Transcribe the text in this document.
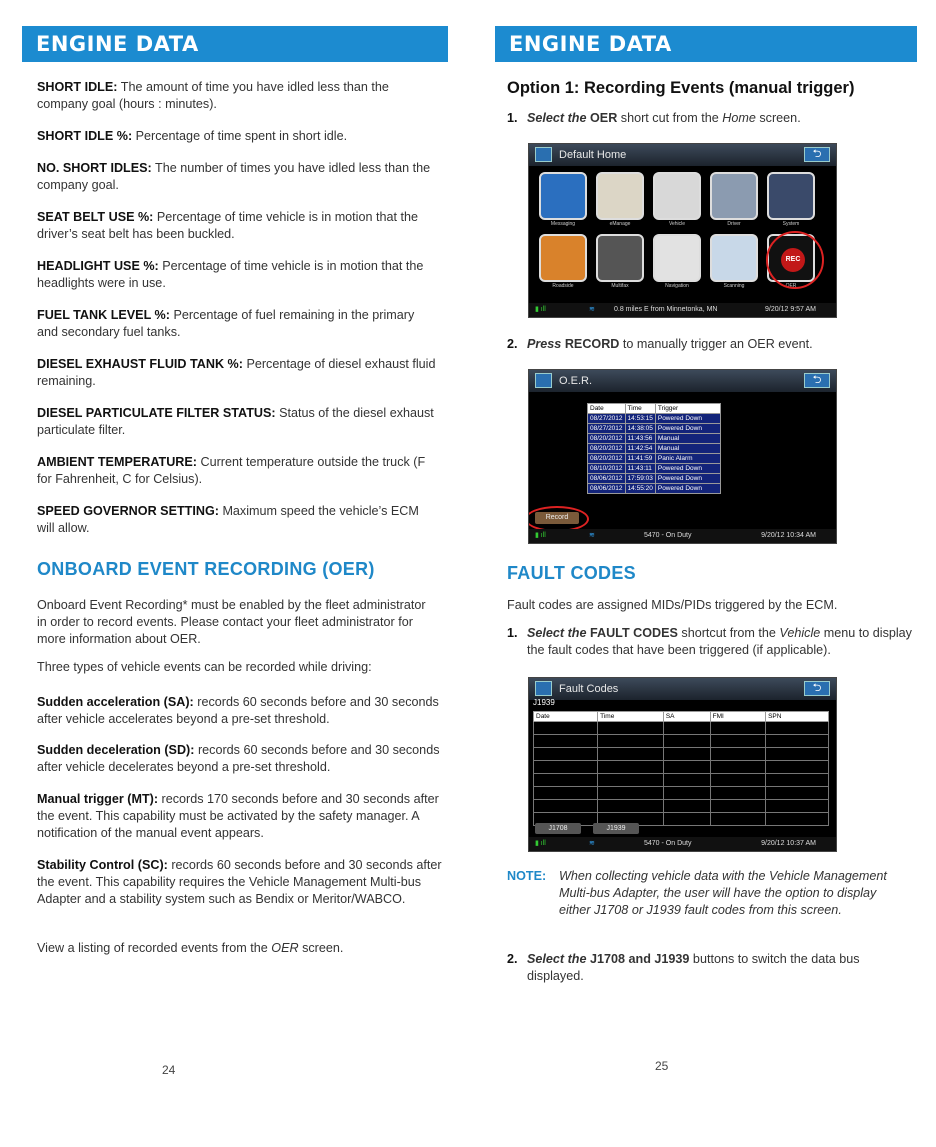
ENGINE DATA

SHORT IDLE: The amount of time you have idled less than the company goal (hours : minutes).

SHORT IDLE %: Percentage of time spent in short idle.

NO. SHORT IDLES: The number of times you have idled less than the company goal.

SEAT BELT USE %: Percentage of time vehicle is in motion that the driver’s seat belt has been buckled.

HEADLIGHT USE %: Percentage of time vehicle is in motion that the headlights were in use.

FUEL TANK LEVEL %: Percentage of fuel remaining in the primary and secondary fuel tanks.

DIESEL EXHAUST FLUID TANK %: Percentage of diesel exhaust fluid remaining.

DIESEL PARTICULATE FILTER STATUS: Status of the diesel exhaust particulate filter.

AMBIENT TEMPERATURE: Current temperature outside the truck (F for Fahrenheit, C for Celsius).

SPEED GOVERNOR SETTING: Maximum speed the vehicle’s ECM will allow.

ONBOARD EVENT RECORDING (OER)

Onboard Event Recording* must be enabled by the fleet administrator in order to record events. Please contact your fleet administrator for more information about OER.

Three types of vehicle events can be recorded while driving:

Sudden acceleration (SA): records 60 seconds before and 30 seconds after vehicle accelerates beyond a pre-set threshold.

Sudden deceleration (SD): records 60 seconds before and 30 seconds after vehicle decelerates beyond a pre-set threshold.

Manual trigger (MT): records 170 seconds before and 30 seconds after the event. This capability must be activated by the safety manager. A notification of the manual event appears.

Stability Control (SC): records 60 seconds before and 30 seconds after the event. This capability requires the Vehicle Management Multi-bus Adapter and a stability system such as Bendix or Meritor/WABCO.

View a listing of recorded events from the OER screen.

24
ENGINE DATA
Option 1: Recording Events (manual trigger)
1. Select the OER short cut from the Home screen.
Default Home	⮌
Messaging
Roadside
eManage
Multifax
Vehicle
Navigation
Driver
Scanning
System
OER
REC
▮ ıll	≋	0.8 miles E from Minnetonka, MN	9/20/12 9:57 AM
2. Press RECORD to manually trigger an OER event.
O.E.R.	⮌
Date	Time	Trigger
08/27/2012	14:53:15	Powered Down
08/27/2012	14:38:05	Powered Down
08/20/2012	11:43:56	Manual
08/20/2012	11:42:54	Manual
08/20/2012	11:41:59	Panic Alarm
08/10/2012	11:43:11	Powered Down
08/06/2012	17:59:03	Powered Down
08/06/2012	14:55:20	Powered Down
Record
▮ ıll	≋	5470 - On Duty	9/20/12 10:34 AM
FAULT CODES

Fault codes are assigned MIDs/PIDs triggered by the ECM.

1. Select the FAULT CODES shortcut from the Vehicle menu to display the fault codes that have been triggered (if applicable).
Fault Codes	⮌
J1939
Date	Time	SA	FMI	SPN

J1708	J1939
▮ ıll	≋	5470 - On Duty	9/20/12 10:37 AM
NOTE: When collecting vehicle data with the Vehicle Management Multi-bus Adapter, the user will have the option to display either J1708 or J1939 fault codes from this screen.
2. Select the J1708 and J1939 buttons to switch the data bus displayed.
25
